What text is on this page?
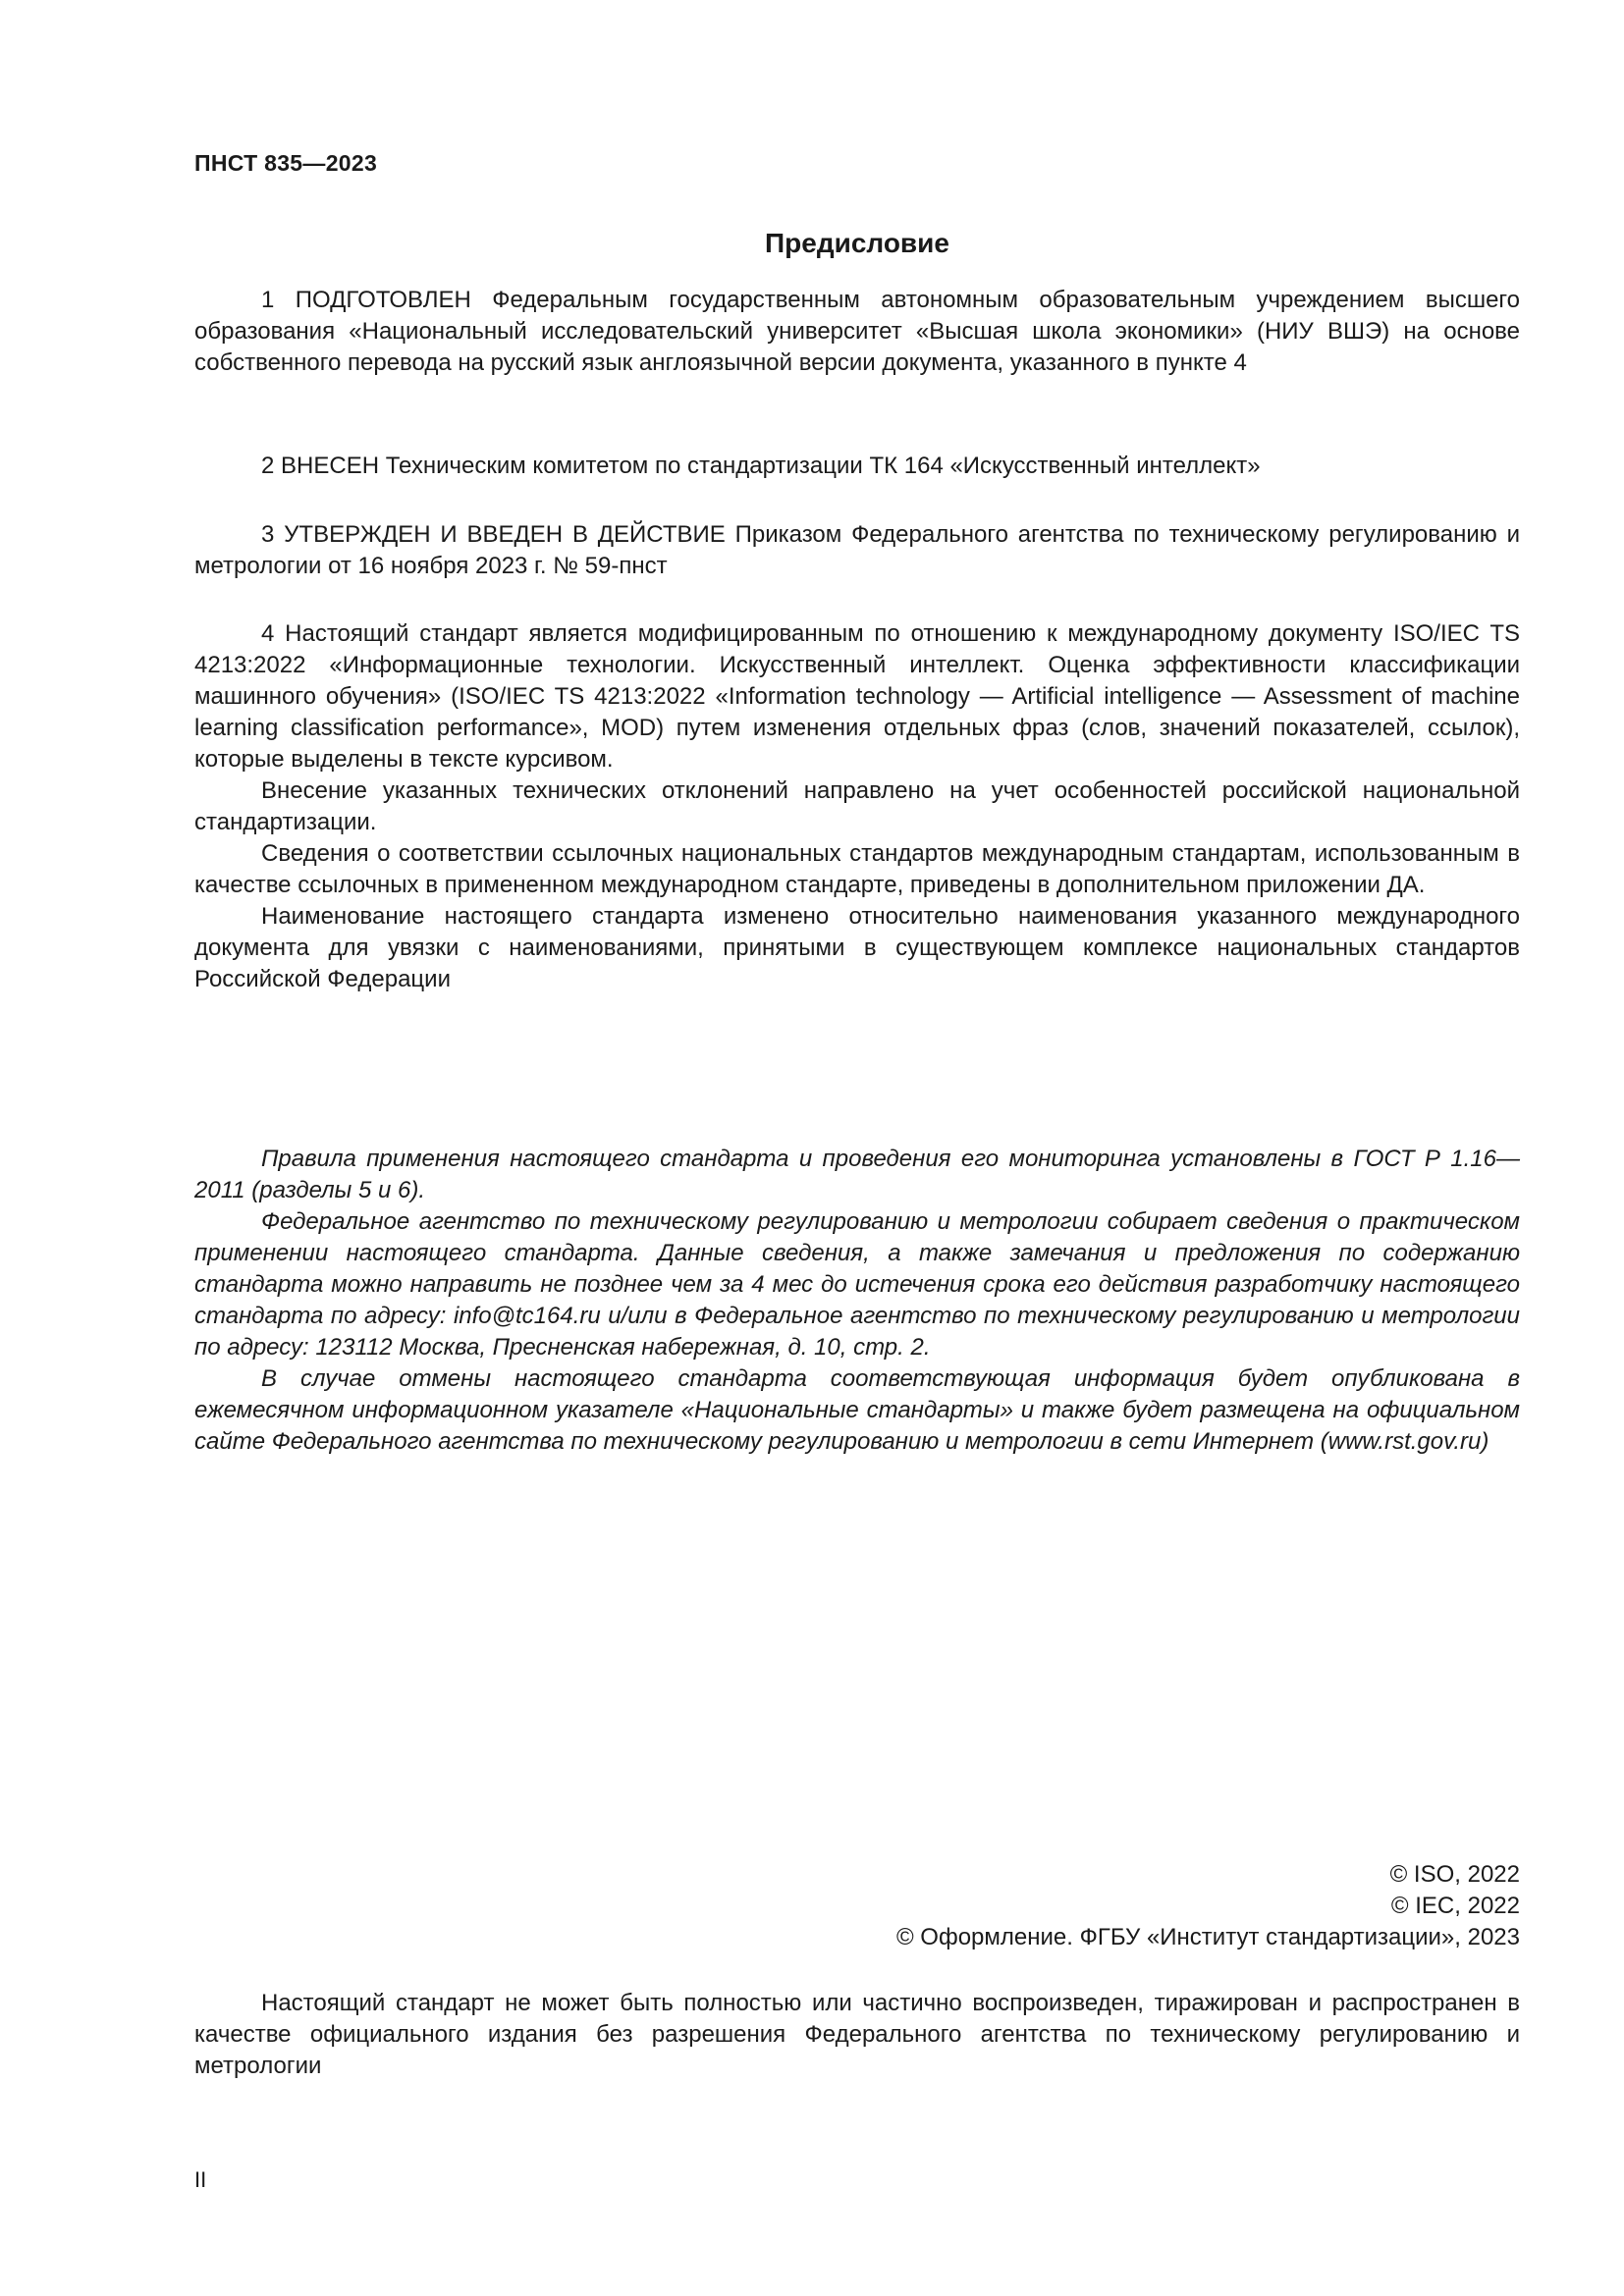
ПНСТ 835—2023
Предисловие

1 ПОДГОТОВЛЕН Федеральным государственным автономным образовательным учреждением высшего образования «Национальный исследовательский университет «Высшая школа экономики» (НИУ ВШЭ) на основе собственного перевода на русский язык англоязычной версии документа, указанного в пункте 4

2 ВНЕСЕН Техническим комитетом по стандартизации ТК 164 «Искусственный интеллект»

3 УТВЕРЖДЕН И ВВЕДЕН В ДЕЙСТВИЕ Приказом Федерального агентства по техническому регулированию и метрологии от 16 ноября 2023 г. № 59-пнст

4 Настоящий стандарт является модифицированным по отношению к международному документу ISO/IEC TS 4213:2022 «Информационные технологии. Искусственный интеллект. Оценка эффективности классификации машинного обучения» (ISO/IEC TS 4213:2022 «Information technology — Artificial intelligence — Assessment of machine learning classification performance», MOD) путем изменения отдельных фраз (слов, значений показателей, ссылок), которые выделены в тексте курсивом.

Внесение указанных технических отклонений направлено на учет особенностей российской национальной стандартизации.

Сведения о соответствии ссылочных национальных стандартов международным стандартам, использованным в качестве ссылочных в примененном международном стандарте, приведены в дополнительном приложении ДА.

Наименование настоящего стандарта изменено относительно наименования указанного международного документа для увязки с наименованиями, принятыми в существующем комплексе национальных стандартов Российской Федерации

Правила применения настоящего стандарта и проведения его мониторинга установлены в ГОСТ Р 1.16—2011 (разделы 5 и 6).

Федеральное агентство по техническому регулированию и метрологии собирает сведения о практическом применении настоящего стандарта. Данные сведения, а также замечания и предложения по содержанию стандарта можно направить не позднее чем за 4 мес до истечения срока его действия разработчику настоящего стандарта по адресу: info@tc164.ru и/или в Федеральное агентство по техническому регулированию и метрологии по адресу: 123112 Москва, Пресненская набережная, д. 10, стр. 2.

В случае отмены настоящего стандарта соответствующая информация будет опубликована в ежемесячном информационном указателе «Национальные стандарты» и также будет размещена на официальном сайте Федерального агентства по техническому регулированию и метрологии в сети Интернет (www.rst.gov.ru)

© ISO, 2022
© IEC, 2022
© Оформление. ФГБУ «Институт стандартизации», 2023

Настоящий стандарт не может быть полностью или частично воспроизведен, тиражирован и распространен в качестве официального издания без разрешения Федерального агентства по техническому регулированию и метрологии

II
